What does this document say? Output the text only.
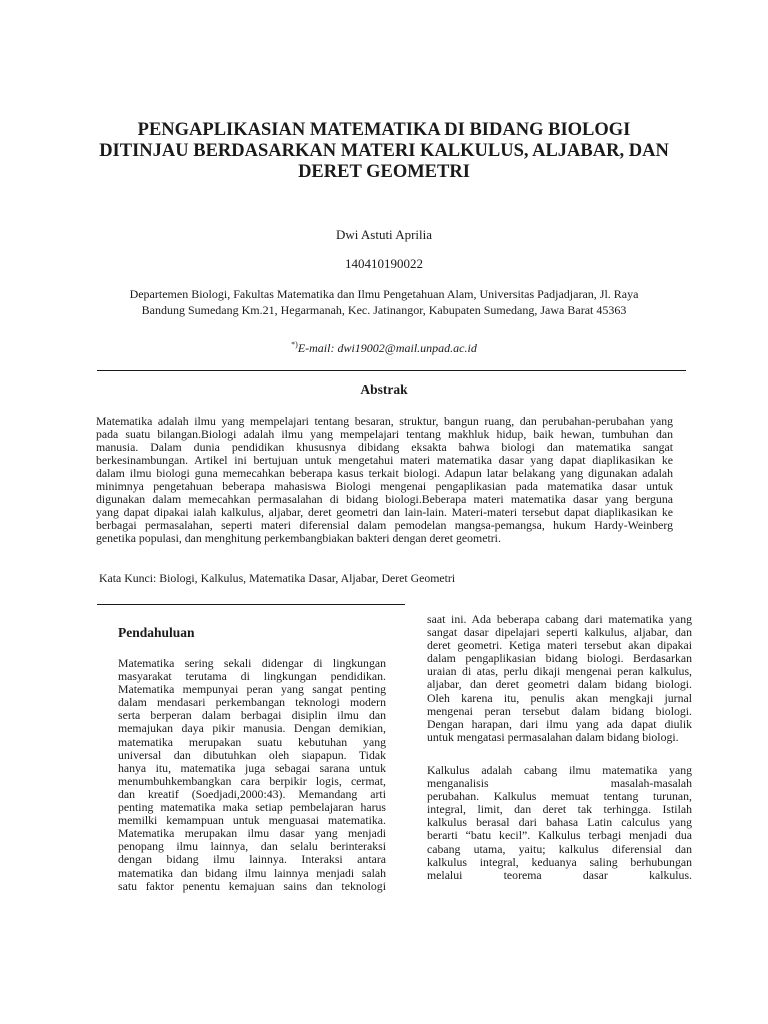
PENGAPLIKASIAN MATEMATIKA DI BIDANG BIOLOGI
DITINJAU BERDASARKAN MATERI KALKULUS, ALJABAR, DAN
DERET GEOMETRI
Dwi Astuti Aprilia
140410190022
Departemen Biologi, Fakultas Matematika dan Ilmu Pengetahuan Alam, Universitas Padjadjaran, Jl. Raya
Bandung Sumedang Km.21, Hegarmanah, Kec. Jatinangor, Kabupaten Sumedang, Jawa Barat 45363
*)E-mail: dwi19002@mail.unpad.ac.id
Abstrak
Matematika adalah ilmu yang mempelajari tentang besaran, struktur, bangun ruang, dan perubahan-perubahan yang
pada suatu bilangan.Biologi adalah ilmu yang mempelajari tentang makhluk hidup, baik hewan, tumbuhan dan
manusia. Dalam dunia pendidikan khususnya dibidang eksakta bahwa biologi dan matematika sangat
berkesinambungan. Artikel ini bertujuan untuk mengetahui materi matematika dasar yang dapat diaplikasikan ke
dalam ilmu biologi guna memecahkan beberapa kasus terkait biologi. Adapun latar belakang yang digunakan adalah
minimnya pengetahuan beberapa mahasiswa Biologi mengenai pengaplikasian pada matematika dasar untuk
digunakan dalam memecahkan permasalahan di bidang biologi.Beberapa materi matematika dasar yang berguna
yang dapat dipakai ialah kalkulus, aljabar, deret geometri dan lain-lain. Materi-materi tersebut dapat diaplikasikan ke
berbagai permasalahan, seperti materi diferensial dalam pemodelan mangsa-pemangsa, hukum Hardy-Weinberg
genetika populasi, dan menghitung perkembangbiakan bakteri dengan deret geometri.
Kata Kunci: Biologi, Kalkulus, Matematika Dasar, Aljabar, Deret Geometri
Pendahuluan
Matematika sering sekali didengar di lingkungan
masyarakat terutama di lingkungan pendidikan.
Matematika mempunyai peran yang sangat penting
dalam mendasari perkembangan teknologi modern
serta berperan dalam berbagai disiplin ilmu dan
memajukan daya pikir manusia. Dengan demikian,
matematika merupakan suatu kebutuhan yang
universal dan dibutuhkan oleh siapapun. Tidak
hanya itu, matematika juga sebagai sarana untuk
menumbuhkembangkan cara berpikir logis, cermat,
dan kreatif (Soedjadi,2000:43). Memandang arti
penting matematika maka setiap pembelajaran harus
memilki kemampuan untuk menguasai matematika.
Matematika merupakan ilmu dasar yang menjadi
penopang ilmu lainnya, dan selalu berinteraksi
dengan bidang ilmu lainnya. Interaksi antara
matematika dan bidang ilmu lainnya menjadi salah
satu faktor penentu kemajuan sains dan teknologi
saat ini. Ada beberapa cabang dari matematika yang
sangat dasar dipelajari seperti kalkulus, aljabar, dan
deret geometri. Ketiga materi tersebut akan dipakai
dalam pengaplikasian bidang biologi. Berdasarkan
uraian di atas, perlu dikaji mengenai peran kalkulus,
aljabar, dan deret geometri dalam bidang biologi.
Oleh karena itu, penulis akan mengkaji jurnal
mengenai peran tersebut dalam bidang biologi.
Dengan harapan, dari ilmu yang ada dapat diulik
untuk mengatasi permasalahan dalam bidang biologi.
Kalkulus adalah cabang ilmu matematika yang
menganalisis masalah-masalah
perubahan. Kalkulus memuat tentang turunan,
integral, limit, dan deret tak terhingga. Istilah
kalkulus berasal dari bahasa Latin calculus yang
berarti “batu kecil”. Kalkulus terbagi menjadi dua
cabang utama, yaitu; kalkulus diferensial dan
kalkulus integral, keduanya saling berhubungan
melalui teorema dasar kalkulus.
